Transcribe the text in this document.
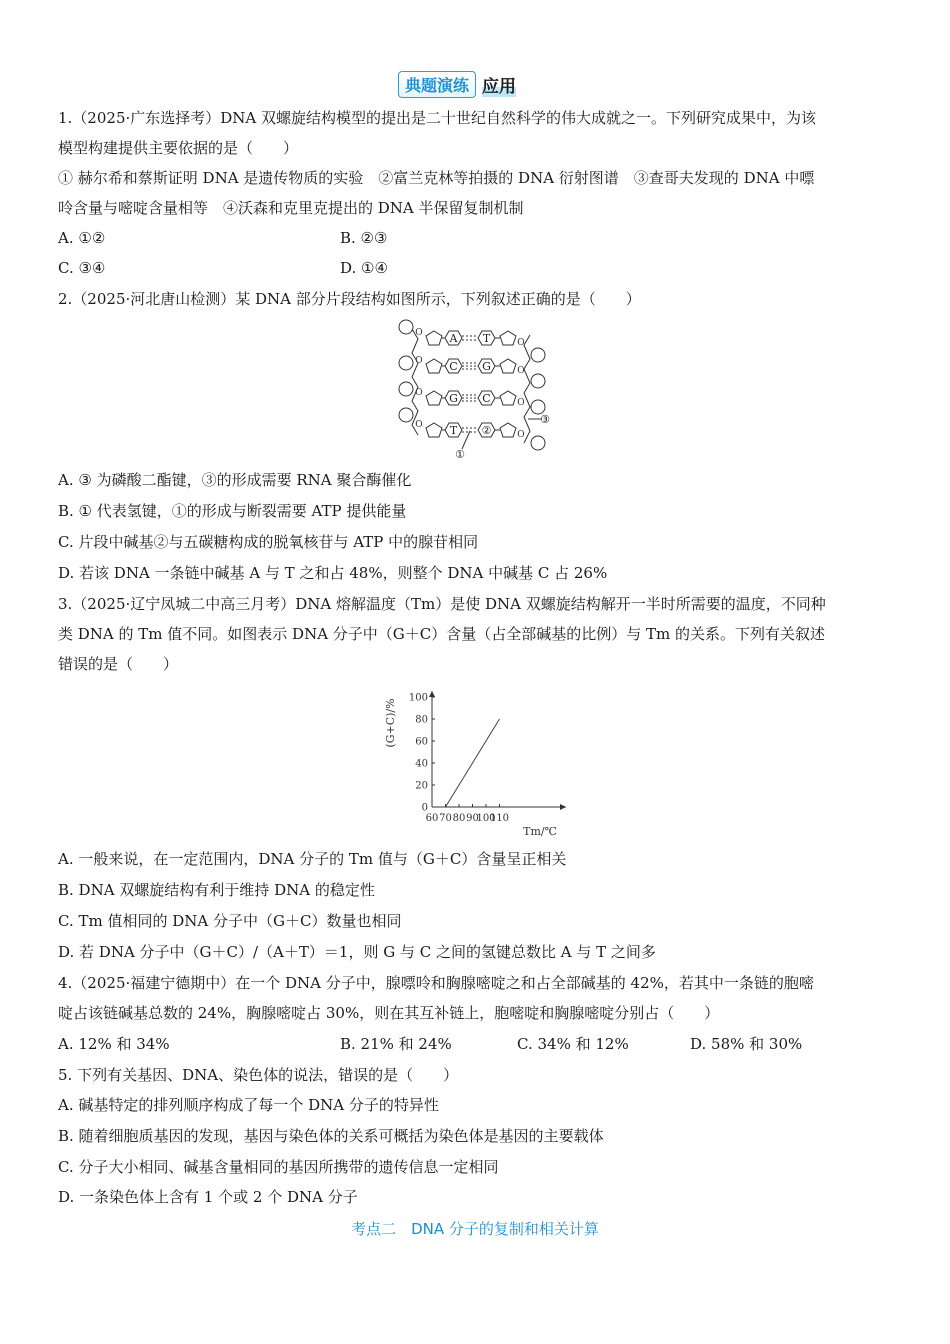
典题演练 应用
1.（2025·广东选择考）DNA 双螺旋结构模型的提出是二十世纪自然科学的伟大成就之一。下列研究成果中，为该
模型构建提供主要依据的是（　　）
① 赫尔希和蔡斯证明 DNA 是遗传物质的实验　②富兰克林等拍摄的 DNA 衍射图谱　③查哥夫发现的 DNA 中嘌
呤含量与嘧啶含量相等　④沃森和克里克提出的 DNA 半保留复制机制
A. ①②	B. ②③
C. ③④	D. ①④
2.（2025·河北唐山检测）某 DNA 部分片段结构如图所示，下列叙述正确的是（　　）
O
O
O
O
O
O
O
O
A
C
G
T
T
G
C
②
③
①
A. ③ 为磷酸二酯键，③的形成需要 RNA 聚合酶催化
B. ① 代表氢键，①的形成与断裂需要 ATP 提供能量
C. 片段中碱基②与五碳糖构成的脱氧核苷与 ATP 中的腺苷相同
D. 若该 DNA 一条链中碱基 A 与 T 之和占 48%，则整个 DNA 中碱基 C 占 26%
3.（2025·辽宁凤城二中高三月考）DNA 熔解温度（Tm）是使 DNA 双螺旋结构解开一半时所需要的温度，不同种
类 DNA 的 Tm 值不同。如图表示 DNA 分子中（G＋C）含量（占全部碱基的比例）与 Tm 的关系。下列有关叙述
错误的是（　　）
60 70 80 90
100
110
0
20
40
60
80
100
(G+C)/%
Tm/℃
A. 一般来说，在一定范围内，DNA 分子的 Tm 值与（G＋C）含量呈正相关
B. DNA 双螺旋结构有利于维持 DNA 的稳定性
C. Tm 值相同的 DNA 分子中（G＋C）数量也相同
D. 若 DNA 分子中（G＋C）/（A＋T）＝1，则 G 与 C 之间的氢键总数比 A 与 T 之间多
4.（2025·福建宁德期中）在一个 DNA 分子中，腺嘌呤和胸腺嘧啶之和占全部碱基的 42%，若其中一条链的胞嘧
啶占该链碱基总数的 24%，胸腺嘧啶占 30%，则在其互补链上，胞嘧啶和胸腺嘧啶分别占（　　）
A. 12% 和 34%	B. 21% 和 24%	C. 34% 和 12%	D. 58% 和 30%
5. 下列有关基因、DNA、染色体的说法，错误的是（　　）
A. 碱基特定的排列顺序构成了每一个 DNA 分子的特异性
B. 随着细胞质基因的发现，基因与染色体的关系可概括为染色体是基因的主要载体
C. 分子大小相同、碱基含量相同的基因所携带的遗传信息一定相同
D. 一条染色体上含有 1 个或 2 个 DNA 分子
考点二　DNA 分子的复制和相关计算
